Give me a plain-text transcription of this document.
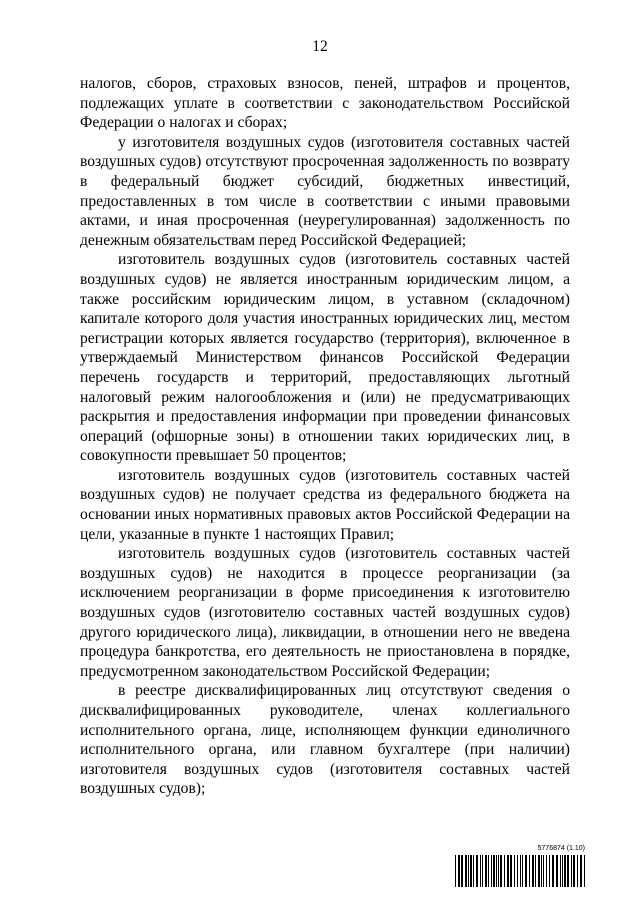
12

налогов, сборов, страховых взносов, пеней, штрафов и процентов, подлежащих уплате в соответствии с законодательством Российской Федерации о налогах и сборах;

у изготовителя воздушных судов (изготовителя составных частей воздушных судов) отсутствуют просроченная задолженность по возврату в федеральный бюджет субсидий, бюджетных инвестиций, предоставленных в том числе в соответствии с иными правовыми актами, и иная просроченная (неурегулированная) задолженность по денежным обязательствам перед Российской Федерацией;

изготовитель воздушных судов (изготовитель составных частей воздушных судов) не является иностранным юридическим лицом, а также российским юридическим лицом, в уставном (складочном) капитале которого доля участия иностранных юридических лиц, местом регистрации которых является государство (территория), включенное в утверждаемый Министерством финансов Российской Федерации перечень государств и территорий, предоставляющих льготный налоговый режим налогообложения и (или) не предусматривающих раскрытия и предоставления информации при проведении финансовых операций (офшорные зоны) в отношении таких юридических лиц, в совокупности превышает 50 процентов;

изготовитель воздушных судов (изготовитель составных частей воздушных судов) не получает средства из федерального бюджета на основании иных нормативных правовых актов Российской Федерации на цели, указанные в пункте 1 настоящих Правил;

изготовитель воздушных судов (изготовитель составных частей воздушных судов) не находится в процессе реорганизации (за исключением реорганизации в форме присоединения к изготовителю воздушных судов (изготовителю составных частей воздушных судов) другого юридического лица), ликвидации, в отношении него не введена процедура банкротства, его деятельность не приостановлена в порядке, предусмотренном законодательством Российской Федерации;

в реестре дисквалифицированных лиц отсутствуют сведения о дисквалифицированных руководителе, членах коллегиального исполнительного органа, лице, исполняющем функции единоличного исполнительного органа, или главном бухгалтере (при наличии) изготовителя воздушных судов (изготовителя составных частей воздушных судов);

5776874 (1.10)
